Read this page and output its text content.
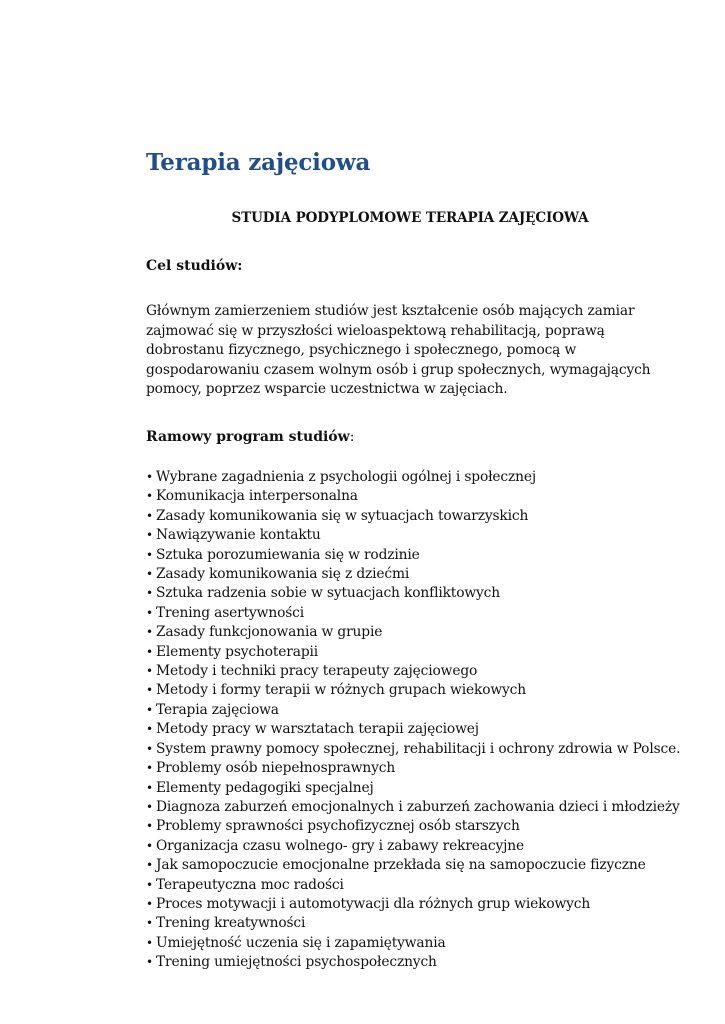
Terapia zajęciowa
STUDIA PODYPLOMOWE TERAPIA ZAJĘCIOWA
Cel studiów:

Głównym zamierzeniem studiów jest kształcenie osób mających zamiar zajmować się w przyszłości wieloaspektową rehabilitacją, poprawą dobrostanu fizycznego, psychicznego i społecznego, pomocą w gospodarowaniu czasem wolnym osób i grup społecznych, wymagających pomocy, poprzez wsparcie uczestnictwa w zajęciach.

Ramowy program studiów:
• Wybrane zagadnienia z psychologii ogólnej i społecznej
• Komunikacja interpersonalna
• Zasady komunikowania się w sytuacjach towarzyskich
• Nawiązywanie kontaktu
• Sztuka porozumiewania się w rodzinie
• Zasady komunikowania się z dziećmi
• Sztuka radzenia sobie w sytuacjach konfliktowych
• Trening asertywności
• Zasady funkcjonowania w grupie
• Elementy psychoterapii
• Metody i techniki pracy terapeuty zajęciowego
• Metody i formy terapii w różnych grupach wiekowych
• Terapia zajęciowa
• Metody pracy w warsztatach terapii zajęciowej
• System prawny pomocy społecznej, rehabilitacji i ochrony zdrowia w Polsce.
• Problemy osób niepełnosprawnych
• Elementy pedagogiki specjalnej
• Diagnoza zaburzeń emocjonalnych i zaburzeń zachowania dzieci i młodzieży
• Problemy sprawności psychofizycznej osób starszych
• Organizacja czasu wolnego- gry i zabawy rekreacyjne
• Jak samopoczucie emocjonalne przekłada się na samopoczucie fizyczne
• Terapeutyczna moc radości
• Proces motywacji i automotywacji dla różnych grup wiekowych
• Trening kreatywności
• Umiejętność uczenia się i zapamiętywania
• Trening umiejętności psychospołecznych
